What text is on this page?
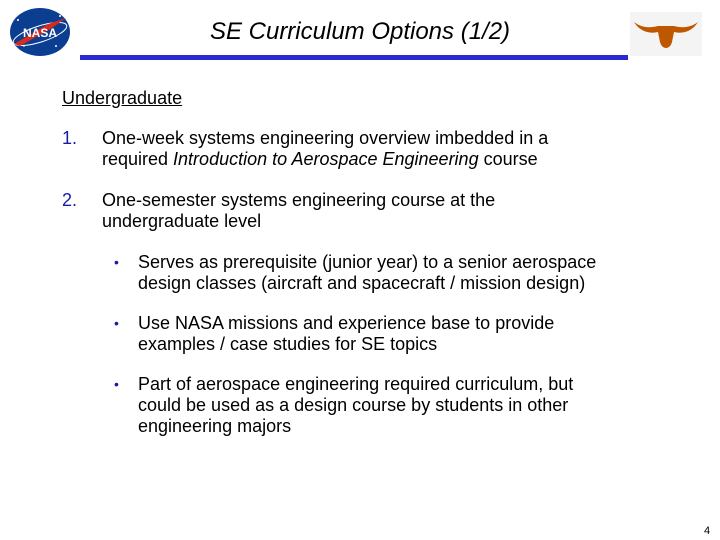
NASA	SE Curriculum Options (1/2)
Undergraduate
1. One-week systems engineering overview imbedded in a
required Introduction to Aerospace Engineering course
2. One-semester systems engineering course at the
undergraduate level
• Serves as prerequisite (junior year) to a senior aerospace
design classes (aircraft and spacecraft / mission design)
• Use NASA missions and experience base to provide
examples / case studies for SE topics
• Part of aerospace engineering required curriculum, but
could be used as a design course by students in other
engineering majors
4
